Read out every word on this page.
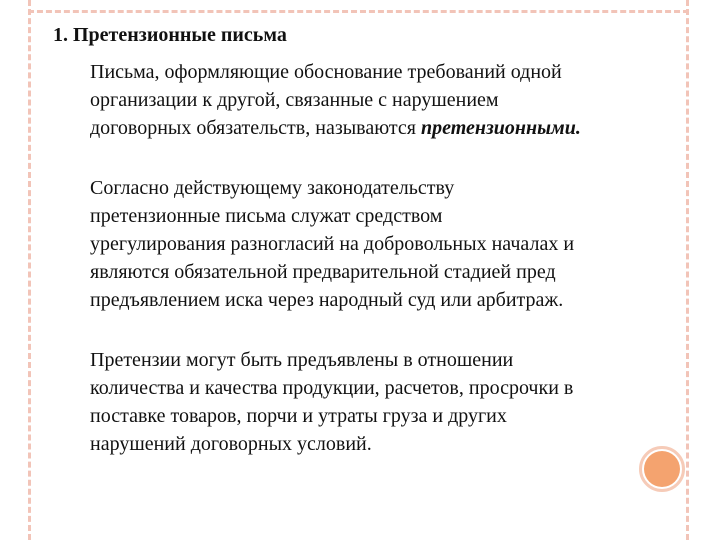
1. Претензионные письма

Письма, оформляющие обоснование требований одной
организации к другой, связанные с нарушением
договорных обязательств, называются претензионными.

Согласно действующему законодательству
претензионные письма служат средством
урегулирования разногласий на добровольных началах и
являются обязательной предварительной стадией пред
предъявлением иска через народный суд или арбитраж.

Претензии могут быть предъявлены в отношении
количества и качества продукции, расчетов, просрочки в
поставке товаров, порчи и утраты груза и других
нарушений договорных условий.
